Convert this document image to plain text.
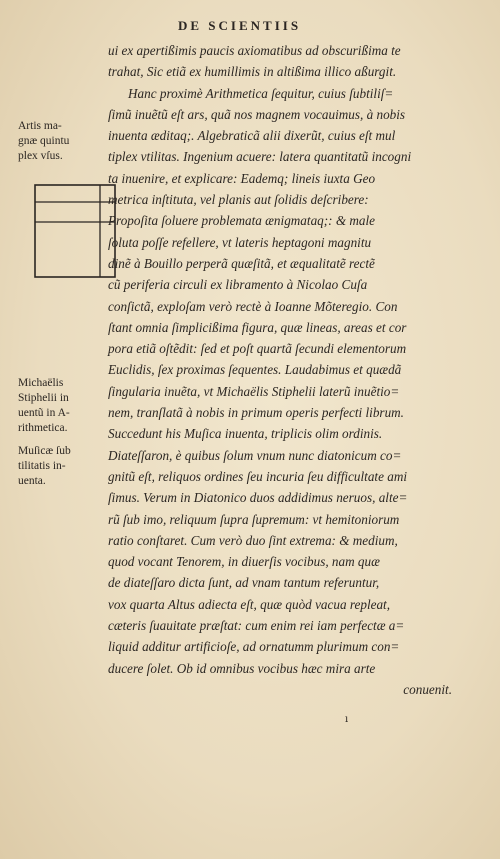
DE SCIENTIIS
ui ex apertißimis paucis axiomatibus ad obscurißima te
trahat, Sic etiã ex humillimis in altißima illico aßurgit.
Hanc proximè Arithmetica ſequitur, cuius ſubtiliſ=
ſimũ inuẽtũ eſt ars, quã nos magnem vocauimus, à nobis
inuenta æditaq;. Algebraticã alii dixerũt, cuius eſt mul
tiplex vtilitas. Ingenium acuere: latera quantitatũ incogni
ta inuenire, et explicare: Eademq; lineis iuxta Geo
metrica inſtituta, vel planis aut ſolidis deſcribere:
Propoſita ſoluere problemata ænigmataq;: & male
ſoluta poſſe refellere, vt lateris heptagoni magnitu
dinẽ à Bouillo perperã quæſitã, et æqualitatẽ rectẽ
cũ periferia circuli ex libramento à Nicolao Cuſa
conſictã, exploſam verò rectè à Ioanne Mõteregio. Con
ſtant omnia ſimplicißima figura, quæ lineas, areas et cor
pora etiã oſtẽdit: ſed et poſt quartã ſecundi elementorum
Euclidis, ſex proximas ſequentes. Laudabimus et quædã
ſingularia inuẽta, vt Michaëlis Stiphelii laterũ inuẽtio=
nem, tranſlatã à nobis in primum operis perfecti librum.
Succedunt his Muſica inuenta, triplicis olim ordinis.
Diateſſaron, è quibus ſolum vnum nunc diatonicum co=
gnitũ eſt, reliquos ordines ſeu incuria ſeu difficultate ami
ſimus. Verum in Diatonico duos addidimus neruos, alte=
rũ ſub imo, reliquum ſupra ſupremum: vt hemitoniorum
ratio conſtaret. Cum verò duo ſint extrema: & medium,
quod vocant Tenorem, in diuerſis vocibus, nam quæ
de diateſſaro dicta ſunt, ad vnam tantum referuntur,
vox quarta Altus adiecta eſt, quæ quòd vacua repleat,
cæteris ſuauitate præſtat: cum enim rei iam perfectæ a=
liquid additur artificioſe, ad ornatumm plurimum con=
ducere ſolet. Ob id omnibus vocibus hæc mira arte
conuenit.
Artis ma-
gnæ quintu
plex vſus.
Michaëlis
Stiphelii in
uentũ in A-
rithmetica.
Muſicæ ſub
tilitatis in-
uenta.
ı
